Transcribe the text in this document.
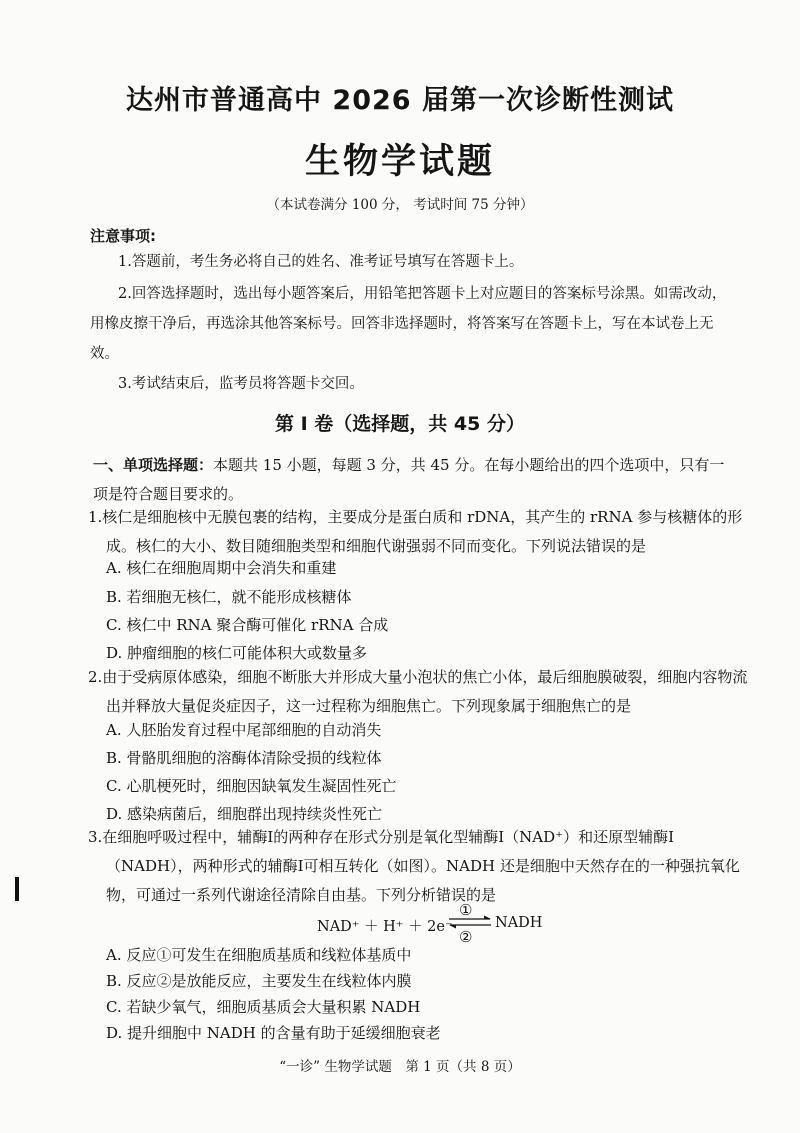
达州市普通高中 2026 届第一次诊断性测试
生物学试题
（本试卷满分 100 分， 考试时间 75 分钟）
注意事项:
1.答题前，考生务必将自己的姓名、准考证号填写在答题卡上。
2.回答选择题时，选出每小题答案后，用铅笔把答题卡上对应题目的答案标号涂黑。如需改动，用橡皮擦干净后，再选涂其他答案标号。回答非选择题时，将答案写在答题卡上，写在本试卷上无效。
3.考试结束后，监考员将答题卡交回。
第 I 卷（选择题，共 45 分）
一、单项选择题：本题共 15 小题，每题 3 分，共 45 分。在每小题给出的四个选项中，只有一项是符合题目要求的。
1.核仁是细胞核中无膜包裹的结构，主要成分是蛋白质和 rDNA，其产生的 rRNA 参与核糖体的形成。核仁的大小、数目随细胞类型和细胞代谢强弱不同而变化。下列说法错误的是
A. 核仁在细胞周期中会消失和重建
B. 若细胞无核仁，就不能形成核糖体
C. 核仁中 RNA 聚合酶可催化 rRNA 合成
D. 肿瘤细胞的核仁可能体积大或数量多
2.由于受病原体感染，细胞不断胀大并形成大量小泡状的焦亡小体，最后细胞膜破裂，细胞内容物流出并释放大量促炎症因子，这一过程称为细胞焦亡。下列现象属于细胞焦亡的是
A. 人胚胎发育过程中尾部细胞的自动消失
B. 骨骼肌细胞的溶酶体清除受损的线粒体
C. 心肌梗死时，细胞因缺氧发生凝固性死亡
D. 感染病菌后，细胞群出现持续炎性死亡
3.在细胞呼吸过程中，辅酶I的两种存在形式分别是氧化型辅酶I（NAD⁺）和还原型辅酶I（NADH），两种形式的辅酶I可相互转化（如图）。NADH 还是细胞中天然存在的一种强抗氧化物，可通过一系列代谢途径清除自由基。下列分析错误的是
NAD⁺ ＋ H⁺ ＋ 2e⁻
①
②
NADH
A. 反应①可发生在细胞质基质和线粒体基质中
B. 反应②是放能反应，主要发生在线粒体内膜
C. 若缺少氧气，细胞质基质会大量积累 NADH
D. 提升细胞中 NADH 的含量有助于延缓细胞衰老
“一诊” 生物学试题　第 1 页（共 8 页）
